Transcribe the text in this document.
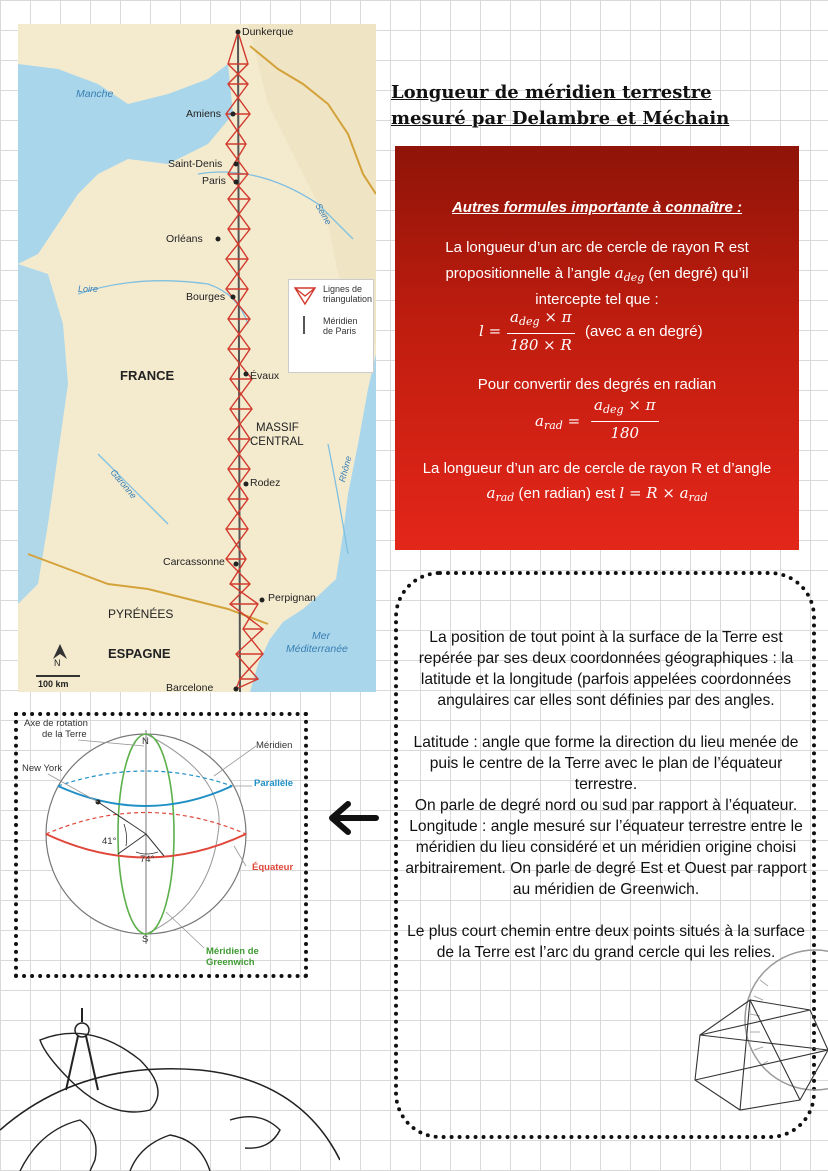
Dunkerque
Amiens
Saint-Denis
Paris
Orléans
Bourges
Évaux
Rodez
Carcassonne
Perpignan
Barcelone
FRANCE
MASSIF
CENTRAL
PYRÉNÉES
ESPAGNE
Manche
Mer
Méditerranée
Loire
Seine
Garonne	Rhône
Lignes de
triangulation
Méridien
de Paris
N
100 km
Longueur de méridien terrestre
mesuré par Delambre et Méchain
Autres formules importante à connaître :
La longueur d’un arc de cercle de rayon R est
propositionnelle à l’angle $a_{deg}$ (en degré) qu’il
intercepte tel que :
l =
$a_{deg} \times \pi$
180 × R
(avec a en degré)
Pour convertir des degrés en radian
$a_{rad}$ =
$a_{deg} \times \pi$
180
La longueur d’un arc de cercle de rayon R et d’angle
$a_{rad}$ (en radian) est $l = R \times a_{rad}$

La position de tout point à la surface de la Terre est repérée par ses deux coordonnées géographiques : la latitude et la longitude (parfois appelées coordonnées angulaires car elles sont définies par des angles.

Latitude : angle que forme la direction du lieu menée de puis le centre de la Terre avec le plan de l’équateur terrestre.

On parle de degré nord ou sud par rapport à l’équateur.

Longitude : angle mesuré sur l’équateur terrestre entre le méridien du lieu considéré et un méridien origine choisi arbitrairement. On parle de degré Est et Ouest par rapport au méridien de Greenwich.

Le plus court chemin entre deux points situés à la surface de la Terre est l’arc du grand cercle qui les relies.

Axe de rotation
de la Terre
N
S
Méridien
New York
Parallèle
41°
74°
Équateur
Méridien de
Greenwich
